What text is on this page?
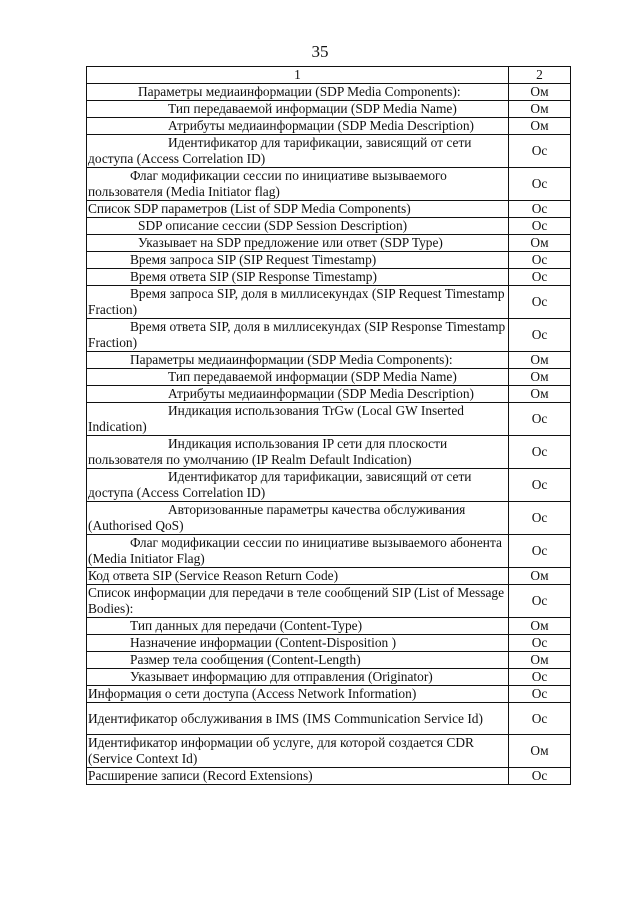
35
1	2
Параметры медиаинформации (SDP Media Components):	Ом
Тип передаваемой информации (SDP Media Name)	Ом
Атрибуты медиаинформации (SDP Media Description)	Ом
Идентификатор для тарификации, зависящий от сети доступа (Access Correlation ID)	Ос
Флаг модификации сессии по инициативе вызываемого пользователя (Media Initiator flag)	Ос
Список SDP параметров (List of SDP Media Components)	Ос
SDP описание сессии (SDP Session Description)	Ос
Указывает на SDP предложение или ответ (SDP Type)	Ом
Время запроса SIP (SIP Request Timestamp)	Ос
Время ответа SIP (SIP Response Timestamp)	Ос
Время запроса SIP, доля в миллисекундах (SIP Request Timestamp Fraction)	Ос
Время ответа SIP, доля в миллисекундах (SIP Response Timestamp Fraction)	Ос
Параметры медиаинформации (SDP Media Components):	Ом
Тип передаваемой информации (SDP Media Name)	Ом
Атрибуты медиаинформации (SDP Media Description)	Ом
Индикация использования TrGw (Local GW Inserted Indication)	Ос
Индикация использования IP сети для плоскости пользователя по умолчанию (IP Realm Default Indication)	Ос
Идентификатор для тарификации, зависящий от сети доступа (Access Correlation ID)	Ос
Авторизованные параметры качества обслуживания (Authorised QoS)	Ос
Флаг модификации сессии по инициативе вызываемого абонента (Media Initiator Flag)	Ос
Код ответа SIP (Service Reason Return Code)	Ом
Список информации для передачи в теле сообщений SIP (List of Message Bodies):	Ос
Тип данных для передачи (Content-Type)	Ом
Назначение информации (Content-Disposition )	Ос
Размер тела сообщения (Content-Length)	Ом
Указывает информацию для отправления (Originator)	Ос
Информация о сети доступа (Access Network Information)	Ос
Идентификатор обслуживания в IMS (IMS Communication Service Id)	Ос
Идентификатор информации об услуге, для которой создается CDR (Service Context Id)	Ом
Расширение записи (Record Extensions)	Ос
